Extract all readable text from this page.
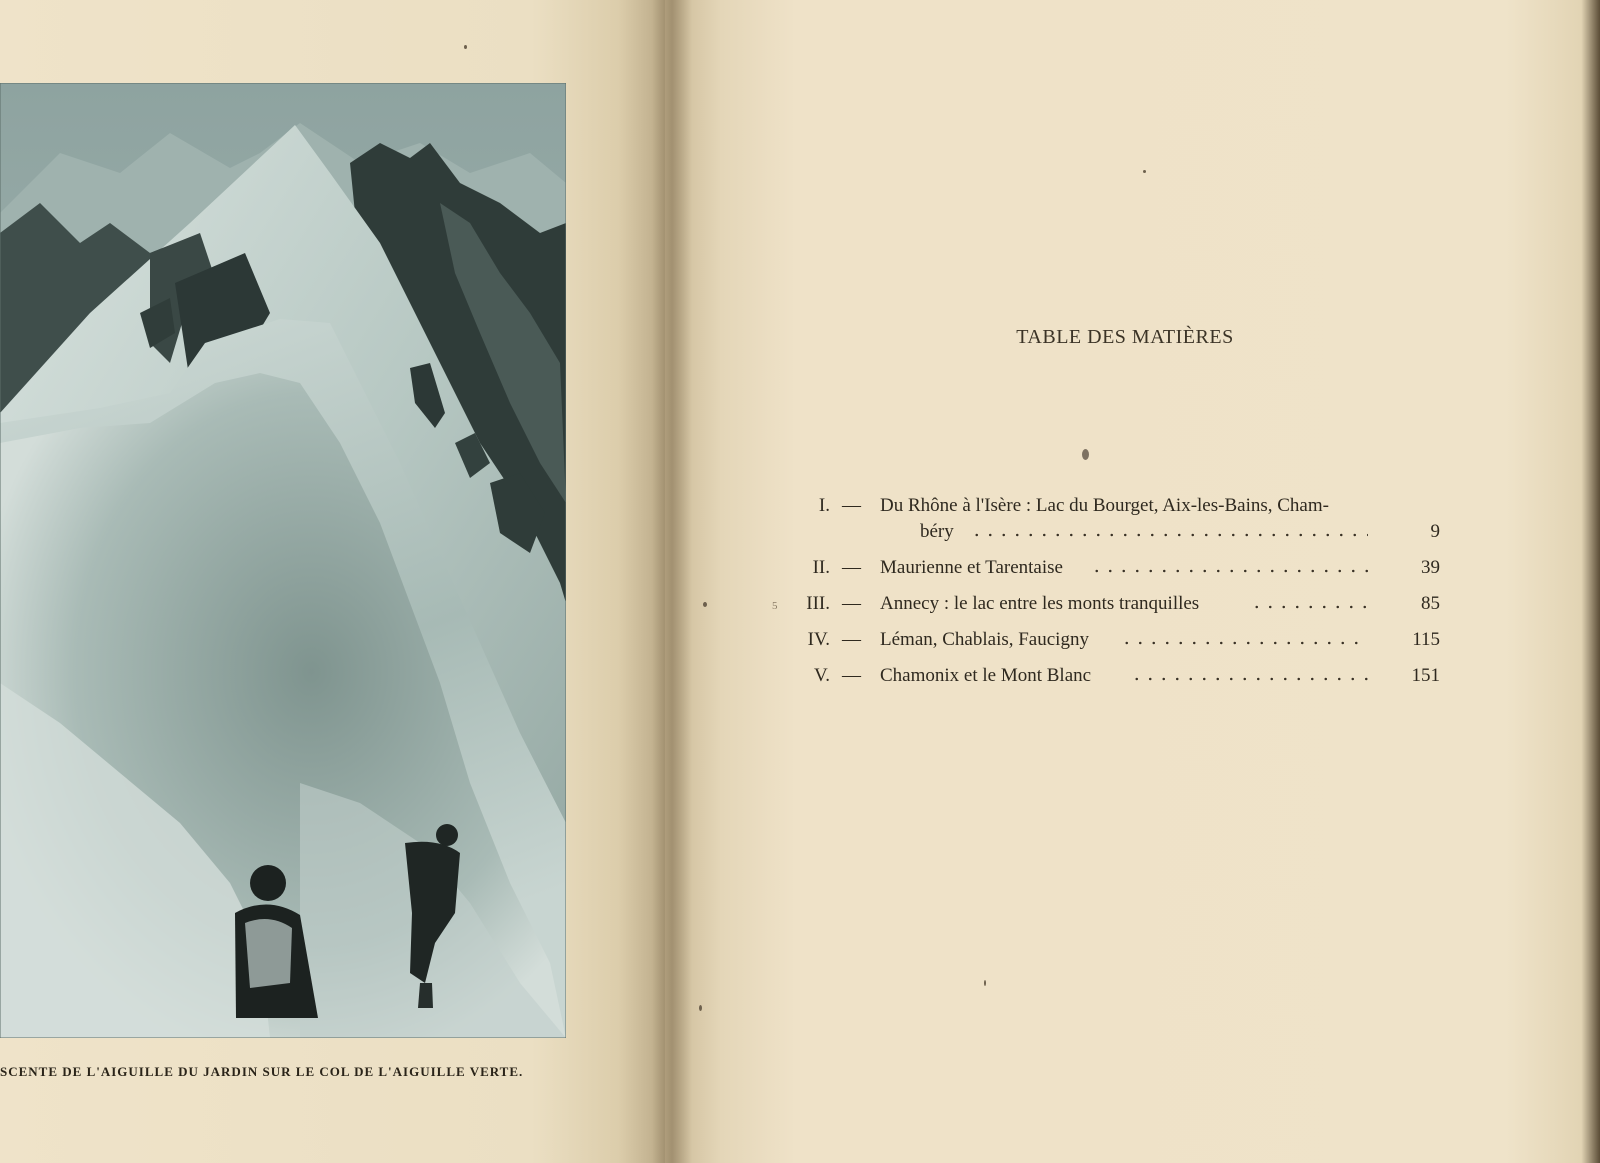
SCENTE DE L'AIGUILLE DU JARDIN SUR LE COL DE L'AIGUILLE VERTE.
TABLE DES MATIÈRES
I. — Du Rhône à l'Isère : Lac du Bourget, Aix-les-Bains, Cham-
béry	9
II. — Maurienne et Tarentaise	39
III. — Annecy : le lac entre les monts tranquilles	85
IV. — Léman, Chablais, Faucigny	115
V. — Chamonix et le Mont Blanc	151
5
